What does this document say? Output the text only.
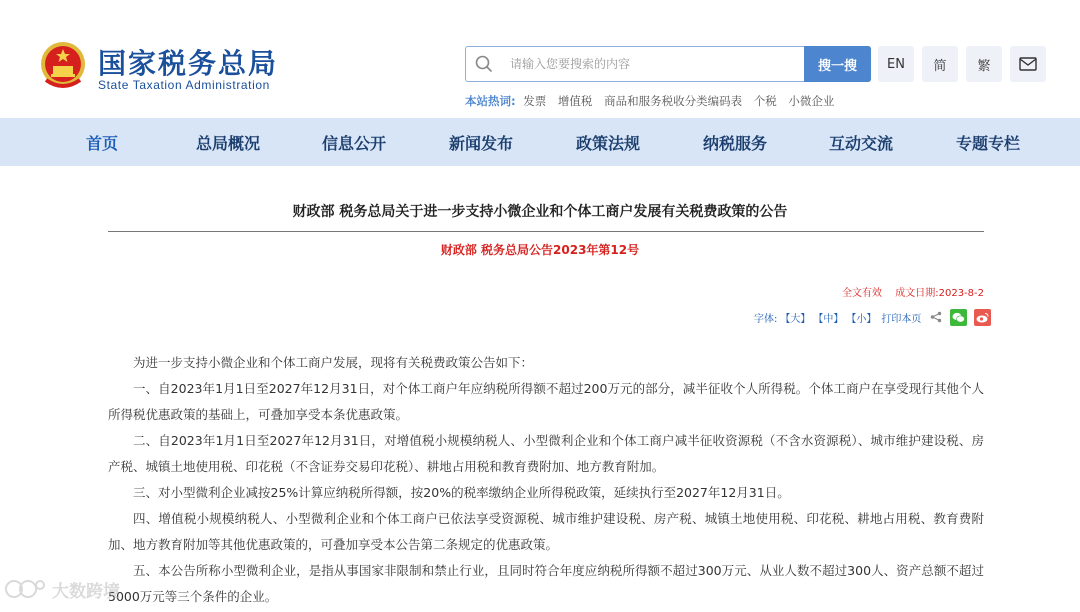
国家税务总局
State Taxation Administration
请输入您要搜索的内容
搜一搜	EN	简	繁
本站热词: 发票 增值税 商品和服务税收分类编码表 个税 小微企业
首页	总局概况	信息公开	新闻发布	政策法规	纳税服务	互动交流	专题专栏
财政部 税务总局关于进一步支持小微企业和个体工商户发展有关税费政策的公告
财政部 税务总局公告2023年第12号
全文有效 成文日期:2023-8-2
字体: 【大】 【中】 【小】 打印本页

为进一步支持小微企业和个体工商户发展，现将有关税费政策公告如下：

一、自2023年1月1日至2027年12月31日，对个体工商户年应纳税所得额不超过200万元的部分，减半征收个人所得税。个体工商户在享受现行其他个人所得税优惠政策的基础上，可叠加享受本条优惠政策。

二、自2023年1月1日至2027年12月31日，对增值税小规模纳税人、小型微利企业和个体工商户减半征收资源税（不含水资源税）、城市维护建设税、房产税、城镇土地使用税、印花税（不含证券交易印花税）、耕地占用税和教育费附加、地方教育附加。

三、对小型微利企业减按25%计算应纳税所得额，按20%的税率缴纳企业所得税政策，延续执行至2027年12月31日。

四、增值税小规模纳税人、小型微利企业和个体工商户已依法享受资源税、城市维护建设税、房产税、城镇土地使用税、印花税、耕地占用税、教育费附加、地方教育附加等其他优惠政策的，可叠加享受本公告第二条规定的优惠政策。

五、本公告所称小型微利企业，是指从事国家非限制和禁止行业，且同时符合年度应纳税所得额不超过300万元、从业人数不超过300人、资产总额不超过5000万元等三个条件的企业。

大数跨境
